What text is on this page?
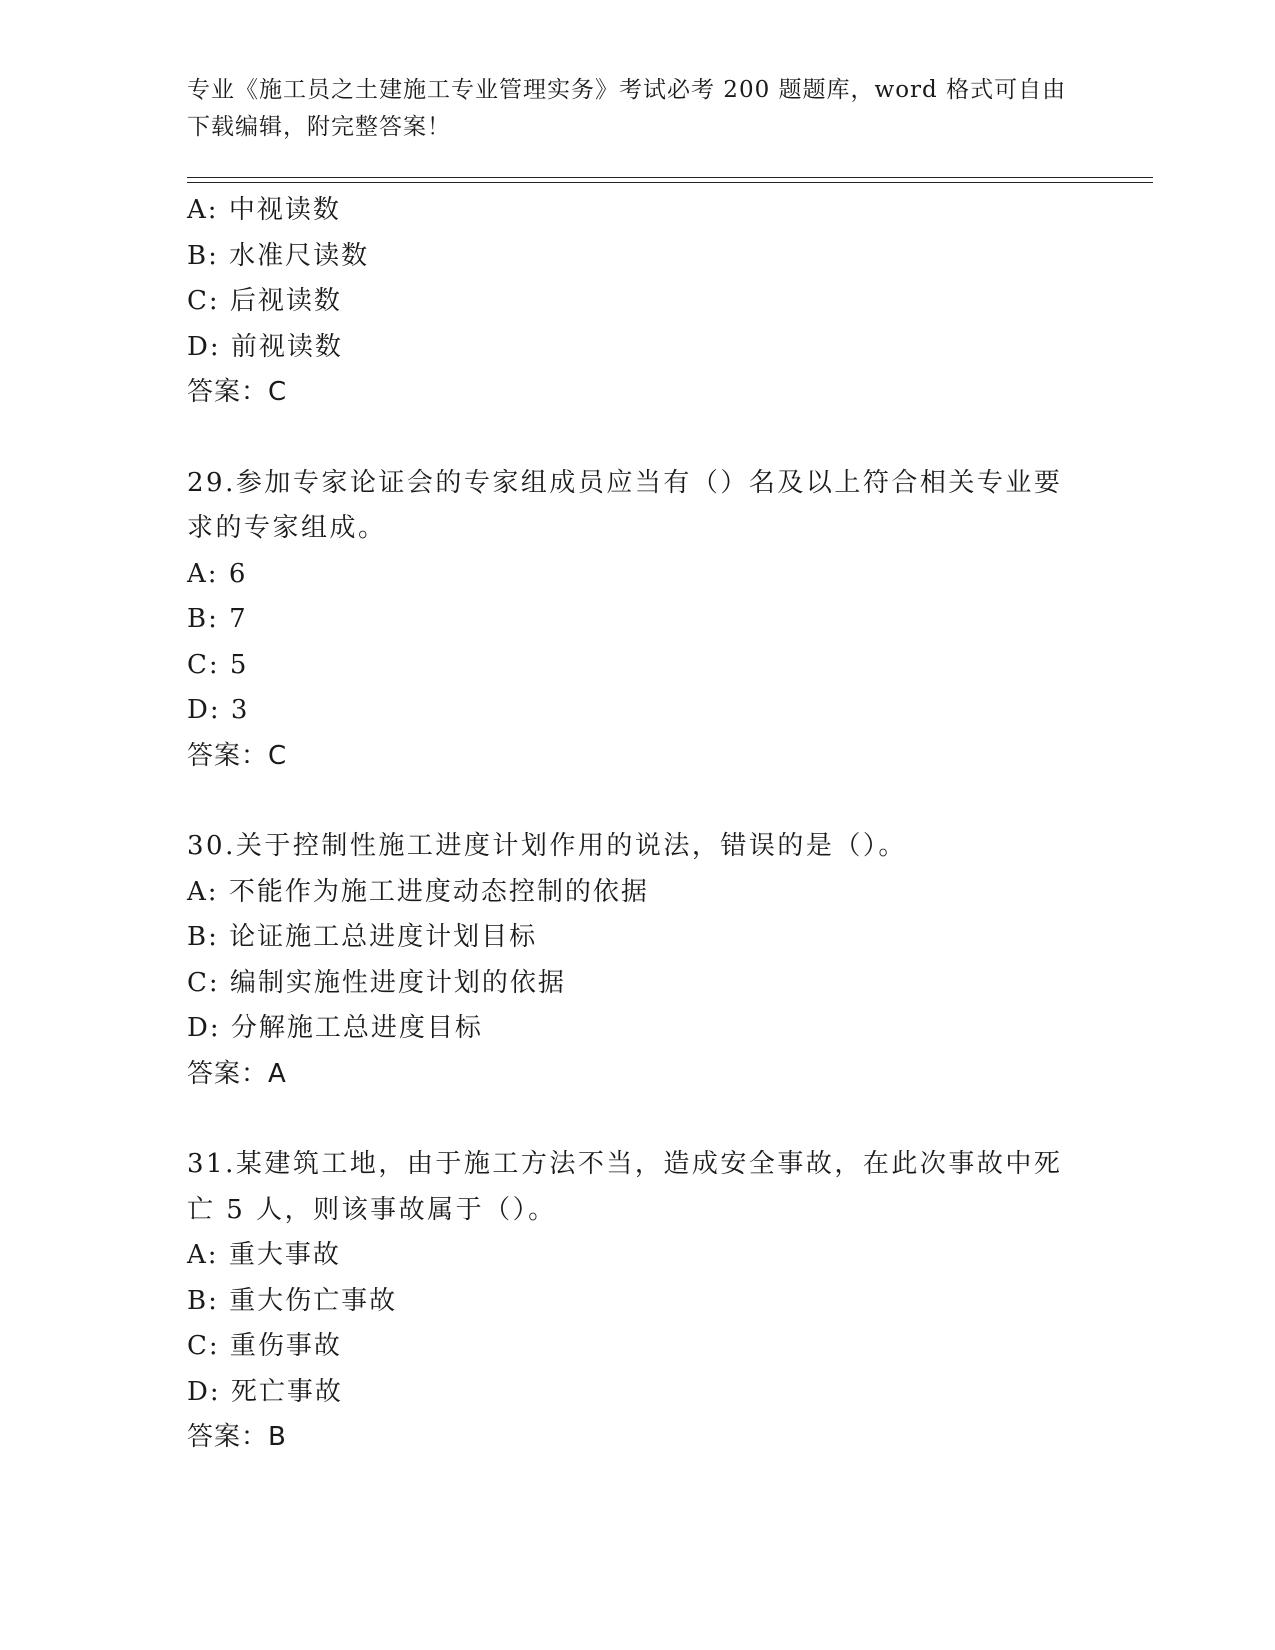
专业《施工员之土建施工专业管理实务》考试必考 200 题题库，word 格式可自由
下载编辑，附完整答案！
A: 中视读数
B: 水准尺读数
C: 后视读数
D: 前视读数
答案：C
29.参加专家论证会的专家组成员应当有（）名及以上符合相关专业要
求的专家组成。
A: 6
B: 7
C: 5
D: 3
答案：C
30.关于控制性施工进度计划作用的说法，错误的是（）。
A: 不能作为施工进度动态控制的依据
B: 论证施工总进度计划目标
C: 编制实施性进度计划的依据
D: 分解施工总进度目标
答案：A
31.某建筑工地，由于施工方法不当，造成安全事故，在此次事故中死
亡 5 人，则该事故属于（）。
A: 重大事故
B: 重大伤亡事故
C: 重伤事故
D: 死亡事故
答案：B
